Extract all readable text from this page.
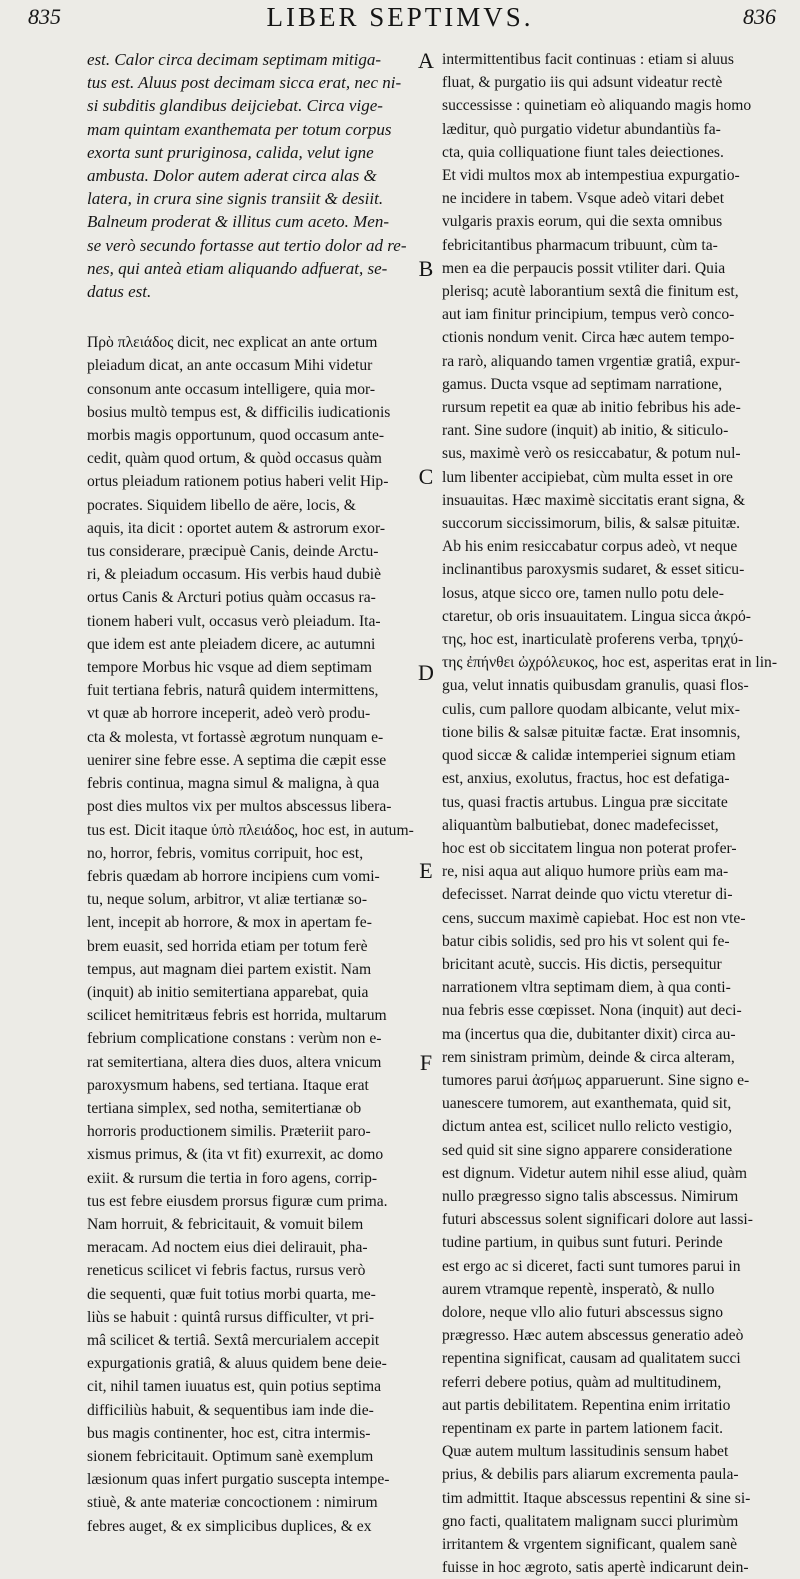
835	LIBER SEPTIMVS.	836

est. Calor circa decimam septimam mitiga-

tus est. Aluus post decimam sicca erat, nec ni-

si subditis glandibus deijciebat. Circa vige-

mam quintam exanthemata per totum corpus

exorta sunt pruriginosa, calida, velut igne

ambusta. Dolor autem aderat circa alas &

latera, in crura sine signis transiit & desiit.

Balneum proderat & illitus cum aceto. Men-

se verò secundo fortasse aut tertio dolor ad re-

nes, qui anteà etiam aliquando adfuerat, se-

datus est.

Πρὸ πλειάδος dicit, nec explicat an ante ortum

pleiadum dicat, an ante occasum Mihi videtur

consonum ante occasum intelligere, quia mor-

bosius multò tempus est, & difficilis iudicationis

morbis magis opportunum, quod occasum ante-

cedit, quàm quod ortum, & quòd occasus quàm

ortus pleiadum rationem potius haberi velit Hip-

pocrates. Siquidem libello de aëre, locis, &

aquis, ita dicit : oportet autem & astrorum exor-

tus considerare, præcipuè Canis, deinde Arctu-

ri, & pleiadum occasum. His verbis haud dubiè

ortus Canis & Arcturi potius quàm occasus ra-

tionem haberi vult, occasus verò pleiadum. Ita-

que idem est ante pleiadem dicere, ac autumni

tempore Morbus hic vsque ad diem septimam

fuit tertiana febris, naturâ quidem intermittens,

vt quæ ab horrore inceperit, adeò verò produ-

cta & molesta, vt fortassè ægrotum nunquam e-

uenirer sine febre esse. A septima die cæpit esse

febris continua, magna simul & maligna, à qua

post dies multos vix per multos abscessus libera-

tus est. Dicit itaque ὑπὸ πλειάδος, hoc est, in autum-

no, horror, febris, vomitus corripuit, hoc est,

febris quædam ab horrore incipiens cum vomi-

tu, neque solum, arbitror, vt aliæ tertianæ so-

lent, incepit ab horrore, & mox in apertam fe-

brem euasit, sed horrida etiam per totum ferè

tempus, aut magnam diei partem existit. Nam

(inquit) ab initio semitertiana apparebat, quia

scilicet hemitritæus febris est horrida, multarum

febrium complicatione constans : verùm non e-

rat semitertiana, altera dies duos, altera vnicum

paroxysmum habens, sed tertiana. Itaque erat

tertiana simplex, sed notha, semitertianæ ob

horroris productionem similis. Præteriit paro-

xismus primus, & (ita vt fit) exurrexit, ac domo

exiit. & rursum die tertia in foro agens, corrip-

tus est febre eiusdem prorsus figuræ cum prima.

Nam horruit, & febricitauit, & vomuit bilem

meracam. Ad noctem eius diei delirauit, pha-

reneticus scilicet vi febris factus, rursus verò

die sequenti, quæ fuit totius morbi quarta, me-

liùs se habuit : quintâ rursus difficulter, vt pri-

mâ scilicet & tertiâ. Sextâ mercurialem accepit

expurgationis gratiâ, & aluus quidem bene deie-

cit, nihil tamen iuuatus est, quin potius septima

difficiliùs habuit, & sequentibus iam inde die-

bus magis continenter, hoc est, citra intermis-

sionem febricitauit. Optimum sanè exemplum

læsionum quas infert purgatio suscepta intempe-

stiuè, & ante materiæ concoctionem : nimirum

febres auget, & ex simplicibus duplices, & ex

intermittentibus facit continuas : etiam si aluus

fluat, & purgatio iis qui adsunt videatur rectè

successisse : quinetiam eò aliquando magis homo

læditur, quò purgatio videtur abundantiùs fa-

cta, quia colliquatione fiunt tales deiectiones.

Et vidi multos mox ab intempestiua expurgatio-

ne incidere in tabem. Vsque adeò vitari debet

vulgaris praxis eorum, qui die sexta omnibus

febricitantibus pharmacum tribuunt, cùm ta-

men ea die perpaucis possit vtiliter dari. Quia

plerisq; acutè laborantium sextâ die finitum est,

aut iam finitur principium, tempus verò conco-

ctionis nondum venit. Circa hæc autem tempo-

ra rarò, aliquando tamen vrgentiæ gratiâ, expur-

gamus. Ducta vsque ad septimam narratione,

rursum repetit ea quæ ab initio febribus his ade-

rant. Sine sudore (inquit) ab initio, & siticulo-

sus, maximè verò os resiccabatur, & potum nul-

lum libenter accipiebat, cùm multa esset in ore

insuauitas. Hæc maximè siccitatis erant signa, &

succorum siccissimorum, bilis, & salsæ pituitæ.

Ab his enim resiccabatur corpus adeò, vt neque

inclinantibus paroxysmis sudaret, & esset siticu-

losus, atque sicco ore, tamen nullo potu dele-

ctaretur, ob oris insuauitatem. Lingua sicca ἀκρό-

της, hoc est, inarticulatè proferens verba, τρηχύ-

της ἐπήνθει ὠχρόλευκος, hoc est, asperitas erat in lin-

gua, velut innatis quibusdam granulis, quasi flos-

culis, cum pallore quodam albicante, velut mix-

tione bilis & salsæ pituitæ factæ. Erat insomnis,

quod siccæ & calidæ intemperiei signum etiam

est, anxius, exolutus, fractus, hoc est defatiga-

tus, quasi fractis artubus. Lingua præ siccitate

aliquantùm balbutiebat, donec madefecisset,

hoc est ob siccitatem lingua non poterat profer-

re, nisi aqua aut aliquo humore priùs eam ma-

defecisset. Narrat deinde quo victu vteretur di-

cens, succum maximè capiebat. Hoc est non vte-

batur cibis solidis, sed pro his vt solent qui fe-

bricitant acutè, succis. His dictis, persequitur

narrationem vltra septimam diem, à qua conti-

nua febris esse cœpisset. Nona (inquit) aut deci-

ma (incertus qua die, dubitanter dixit) circa au-

rem sinistram primùm, deinde & circa alteram,

tumores parui ἀσήμως apparuerunt. Sine signo e-

uanescere tumorem, aut exanthemata, quid sit,

dictum antea est, scilicet nullo relicto vestigio,

sed quid sit sine signo apparere consideratione

est dignum. Videtur autem nihil esse aliud, quàm

nullo prægresso signo talis abscessus. Nimirum

futuri abscessus solent significari dolore aut lassi-

tudine partium, in quibus sunt futuri. Perinde

est ergo ac si diceret, facti sunt tumores parui in

aurem vtramque repentè, insperatò, & nullo

dolore, neque vllo alio futuri abscessus signo

prægresso. Hæc autem abscessus generatio adeò

repentina significat, causam ad qualitatem succi

referri debere potius, quàm ad multitudinem,

aut partis debilitatem. Repentina enim irritatio

repentinam ex parte in partem lationem facit.

Quæ autem multum lassitudinis sensum habet

prius, & debilis pars aliarum excrementa paula-

tim admittit. Itaque abscessus repentini & sine si-

gno facti, qualitatem malignam succi plurimùm

irritantem & vrgentem significant, qualem sanè

fuisse in hoc ægroto, satis apertè indicarunt dein-

A
B
C
D
E
F
